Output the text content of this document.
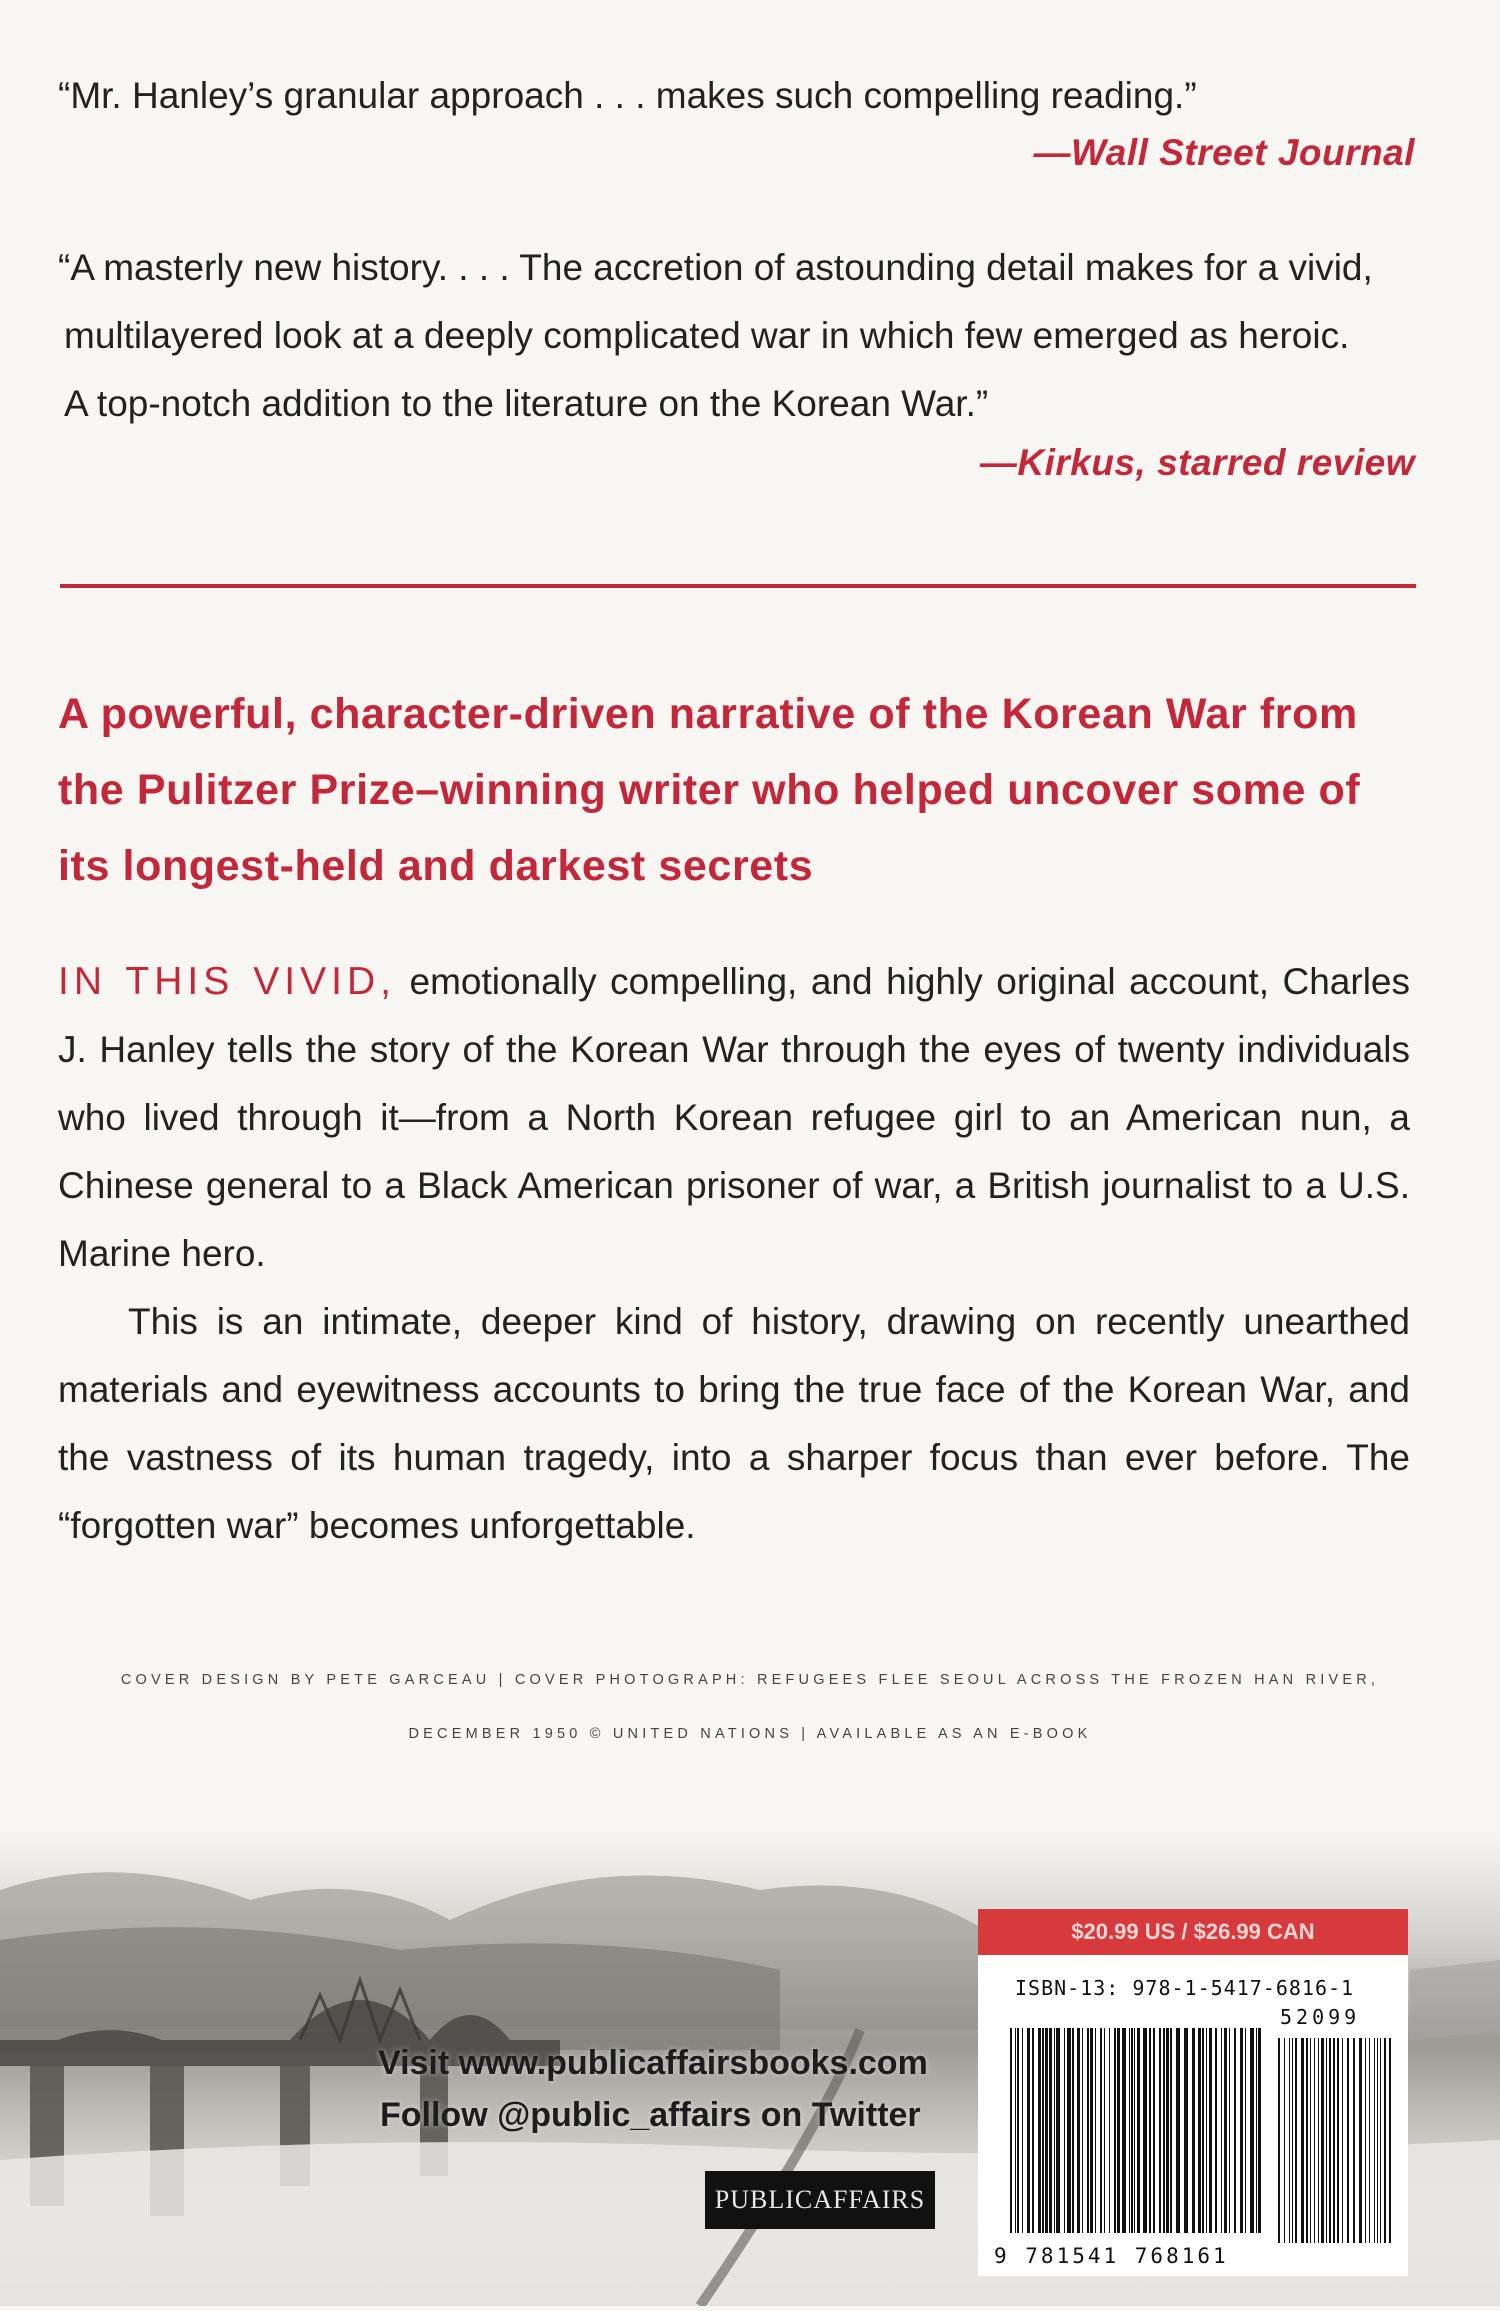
“Mr. Hanley’s granular approach . . . makes such compelling reading.”
—Wall Street Journal
“A masterly new history. . . . The accretion of astounding detail makes for a vivid,
multilayered look at a deeply complicated war in which few emerged as heroic.
A top-notch addition to the literature on the Korean War.”
—Kirkus, starred review
A powerful, character-driven narrative of the Korean War from the Pulitzer Prize–winning writer who helped uncover some of its longest-held and darkest secrets

IN THIS VIVID, emotionally compelling, and highly original account, Charles J. Hanley tells the story of the Korean War through the eyes of twenty individuals who lived through it—from a North Korean refugee girl to an American nun, a Chinese general to a Black American prisoner of war, a British journalist to a U.S. Marine hero.

This is an intimate, deeper kind of history, drawing on recently unearthed materials and eyewitness accounts to bring the true face of the Korean War, and the vastness of its human tragedy, into a sharper focus than ever before. The “forgotten war” becomes unforgettable.

COVER DESIGN BY PETE GARCEAU | COVER PHOTOGRAPH: REFUGEES FLEE SEOUL ACROSS THE FROZEN HAN RIVER,
DECEMBER 1950 © UNITED NATIONS | AVAILABLE AS AN E-BOOK
Visit www.publicaffairsbooks.com
Follow @public_affairs on Twitter
PUBLICAFFAIRS
$20.99 US / $26.99 CAN
ISBN-13: 978-1-5417-6816-1
52099
9 781541 768161
